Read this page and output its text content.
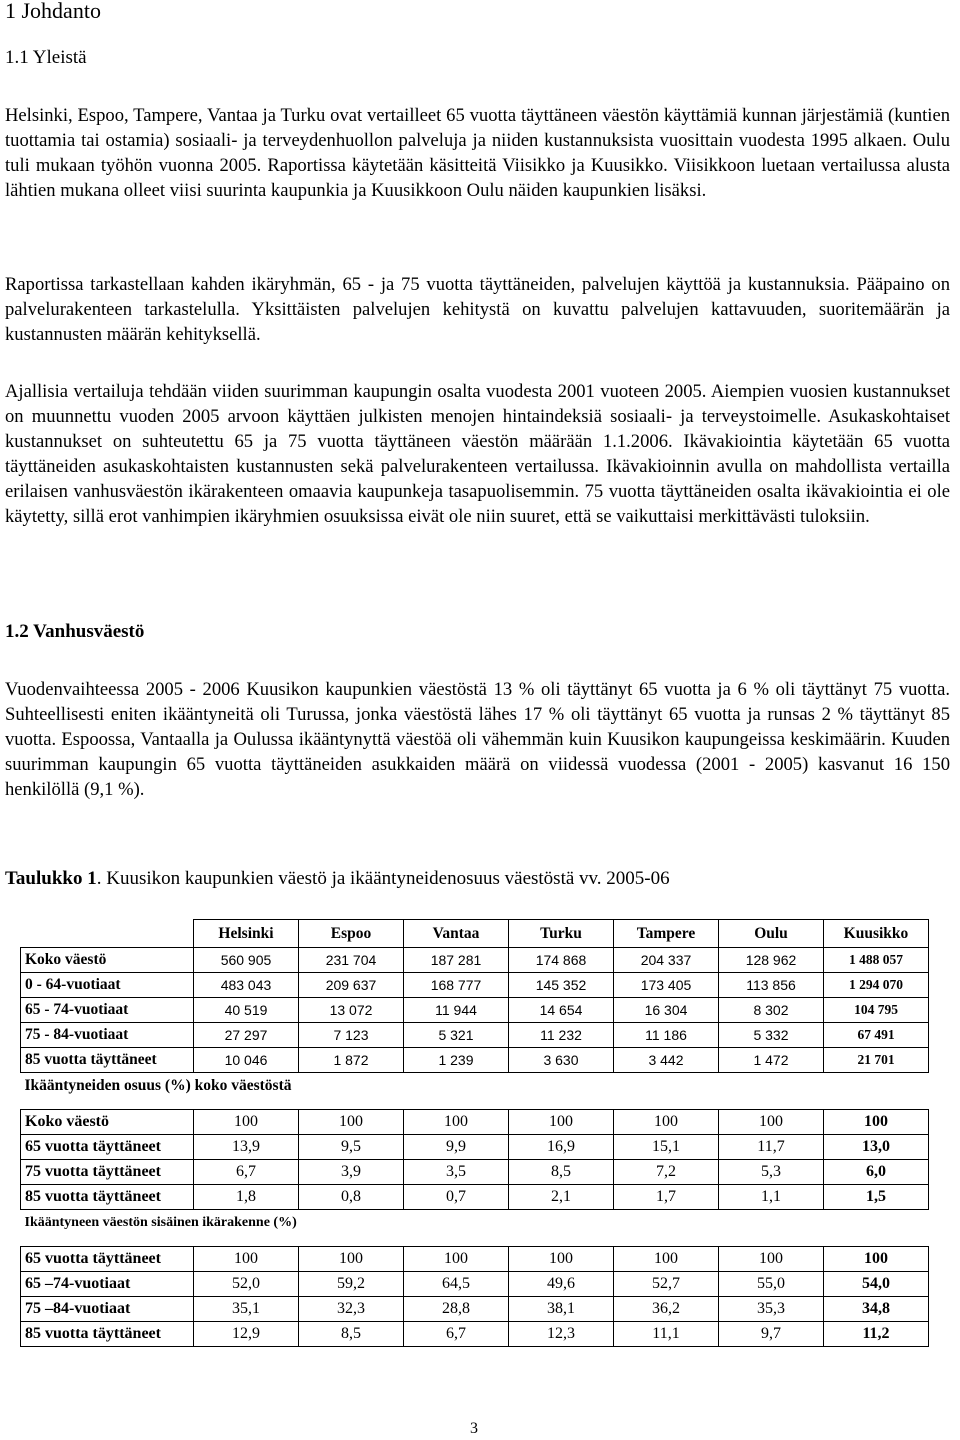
1 Johdanto

1.1 Yleistä

Helsinki, Espoo, Tampere, Vantaa ja Turku ovat vertailleet 65 vuotta täyttäneen väestön käyttämiä kunnan järjestämiä (kuntien tuottamia tai ostamia) sosiaali- ja terveydenhuollon palveluja ja niiden kustannuksista vuosittain vuodesta 1995 alkaen. Oulu tuli mukaan työhön vuonna 2005. Raportissa käytetään käsitteitä Viisikko ja Kuusikko. Viisikkoon luetaan vertailussa alusta lähtien mukana olleet viisi suurinta kaupunkia ja Kuusikkoon Oulu näiden kaupunkien lisäksi.

Raportissa tarkastellaan kahden ikäryhmän, 65 - ja 75 vuotta täyttäneiden, palvelujen käyttöä ja kustannuksia. Pääpaino on palvelurakenteen tarkastelulla. Yksittäisten palvelujen kehitystä on kuvattu palvelujen kattavuuden, suoritemäärän ja kustannusten määrän kehityksellä.

Ajallisia vertailuja tehdään viiden suurimman kaupungin osalta vuodesta 2001 vuoteen 2005. Aiempien vuosien kustannukset on muunnettu vuoden 2005 arvoon käyttäen julkisten menojen hintaindeksiä sosiaali- ja terveystoimelle. Asukaskohtaiset kustannukset on suhteutettu 65 ja 75 vuotta täyttäneen väestön määrään 1.1.2006. Ikävakiointia käytetään 65 vuotta täyttäneiden asukaskohtaisten kustannusten sekä palvelurakenteen vertailussa. Ikävakioinnin avulla on mahdollista vertailla erilaisen vanhusväestön ikärakenteen omaavia kaupunkeja tasapuolisemmin. 75 vuotta täyttäneiden osalta ikävakiointia ei ole käytetty, sillä erot vanhimpien ikäryhmien osuuksissa eivät ole niin suuret, että se vaikuttaisi merkittävästi tuloksiin.

1.2 Vanhusväestö

Vuodenvaihteessa 2005 - 2006 Kuusikon kaupunkien väestöstä 13 % oli täyttänyt 65 vuotta ja 6 % oli täyttänyt 75 vuotta. Suhteellisesti eniten ikääntyneitä oli Turussa, jonka väestöstä lähes 17 % oli täyttänyt 65 vuotta ja runsas 2 % täyttänyt 85 vuotta. Espoossa, Vantaalla ja Oulussa ikääntynyttä väestöä oli vähemmän kuin Kuusikon kaupungeissa keskimäärin. Kuuden suurimman kaupungin 65 vuotta täyttäneiden asukkaiden määrä on viidessä vuodessa (2001 - 2005) kasvanut 16 150 henkilöllä (9,1 %).

Taulukko 1. Kuusikon kaupunkien väestö ja ikääntyneidenosuus väestöstä vv. 2005-06
	Helsinki	Espoo	Vantaa	Turku	Tampere	Oulu	Kuusikko
Koko väestö	560 905	231 704	187 281	174 868	204 337	128 962	1 488 057
0 - 64-vuotiaat	483 043	209 637	168 777	145 352	173 405	113 856	1 294 070
65 - 74-vuotiaat	40 519	13 072	11 944	14 654	16 304	8 302	104 795
75 - 84-vuotiaat	27 297	7 123	5 321	11 232	11 186	5 332	67 491
85 vuotta täyttäneet	10 046	1 872	1 239	3 630	3 442	1 472	21 701
Ikääntyneiden osuus (%) koko väestöstä							

Koko väestö	100	100	100	100	100	100	100
65 vuotta täyttäneet	13,9	9,5	9,9	16,9	15,1	11,7	13,0
75 vuotta täyttäneet	6,7	3,9	3,5	8,5	7,2	5,3	6,0
85 vuotta täyttäneet	1,8	0,8	0,7	2,1	1,7	1,1	1,5
Ikääntyneen väestön sisäinen ikärakenne (%)							

65 vuotta täyttäneet	100	100	100	100	100	100	100
65 –74-vuotiaat	52,0	59,2	64,5	49,6	52,7	55,0	54,0
75 –84-vuotiaat	35,1	32,3	28,8	38,1	36,2	35,3	34,8
85 vuotta täyttäneet	12,9	8,5	6,7	12,3	11,1	9,7	11,2
3
